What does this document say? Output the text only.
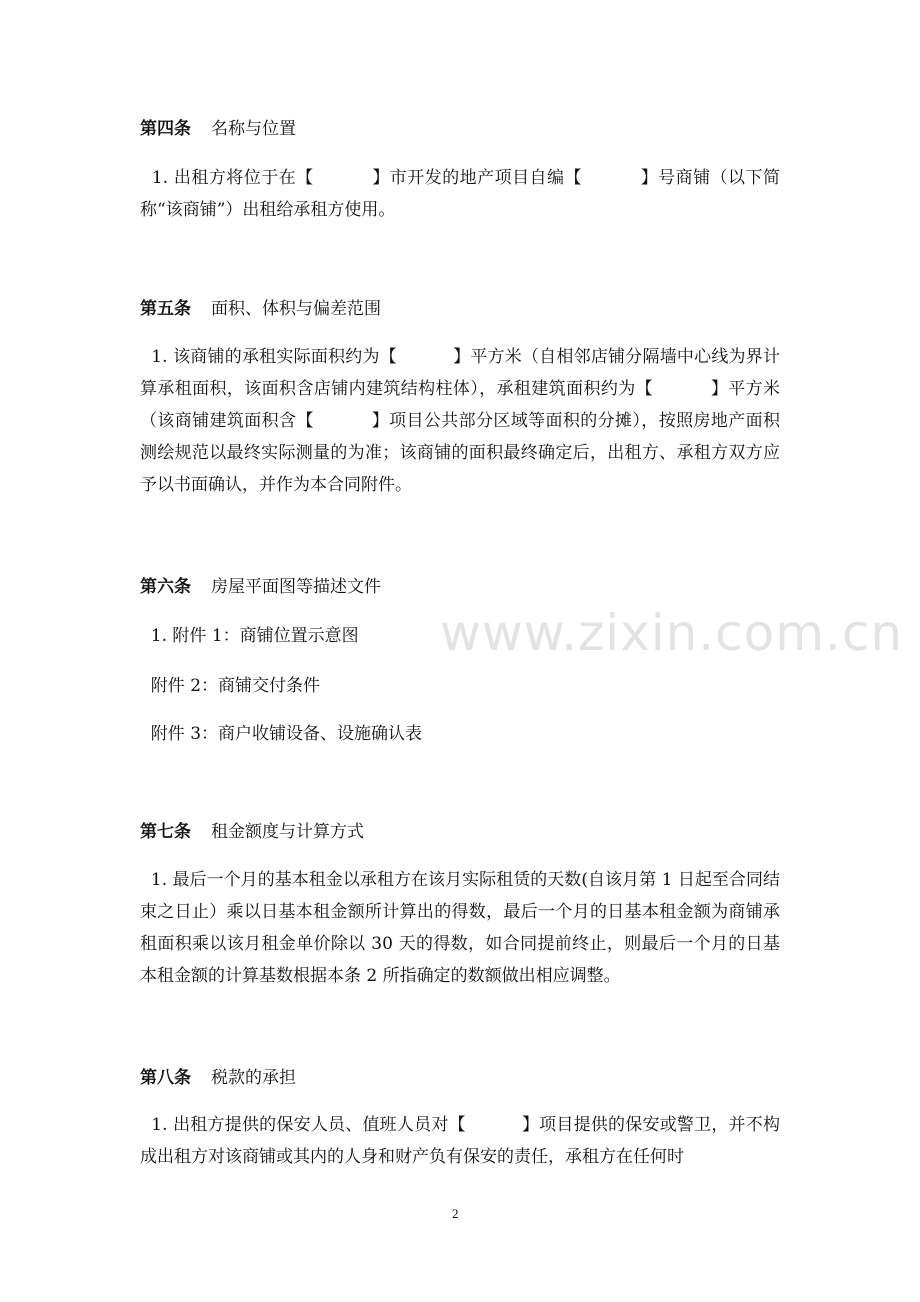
www.zixin.com.cn
第四条 名称与位置
1. 出租方将位于在【          】市开发的地产项目自编【          】号商铺（以下简称“该商铺”）出租给承租方使用。
第五条 面积、体积与偏差范围
1. 该商铺的承租实际面积约为【          】平方米（自相邻店铺分隔墙中心线为界计算承租面积，该面积含店铺内建筑结构柱体），承租建筑面积约为【          】平方米（该商铺建筑面积含【          】项目公共部分区域等面积的分摊），按照房地产面积测绘规范以最终实际测量的为准；该商铺的面积最终确定后，出租方、承租方双方应予以书面确认，并作为本合同附件。
第六条 房屋平面图等描述文件
1. 附件 1：商铺位置示意图
附件 2：商铺交付条件
附件 3：商户收铺设备、设施确认表
第七条 租金额度与计算方式
1. 最后一个月的基本租金以承租方在该月实际租赁的天数(自该月第 1 日起至合同结束之日止）乘以日基本租金额所计算出的得数，最后一个月的日基本租金额为商铺承租面积乘以该月租金单价除以 30 天的得数，如合同提前终止，则最后一个月的日基本租金额的计算基数根据本条 2 所指确定的数额做出相应调整。
第八条 税款的承担
1. 出租方提供的保安人员、值班人员对【          】项目提供的保安或警卫，并不构成出租方对该商铺或其内的人身和财产负有保安的责任，承租方在任何时
2
